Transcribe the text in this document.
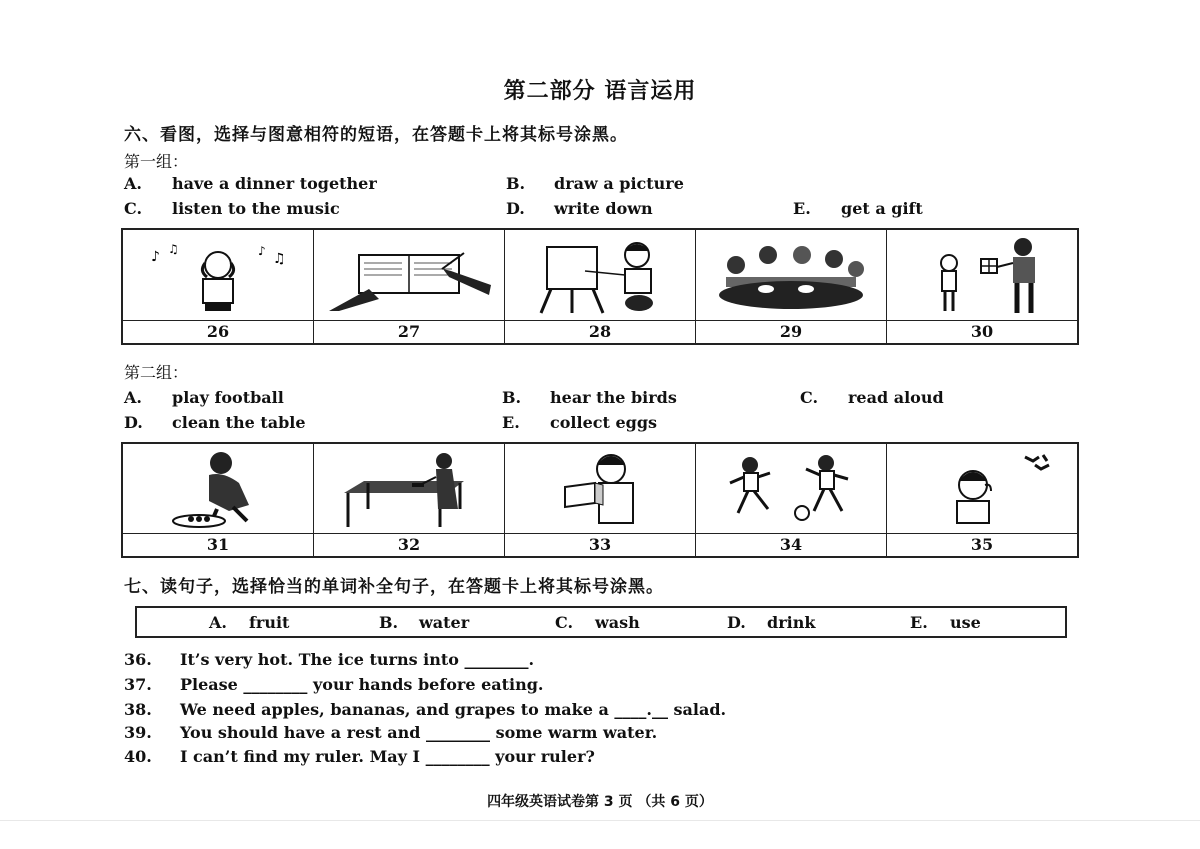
第二部分 语言运用
六、看图，选择与图意相符的短语，在答题卡上将其标号涂黑。
第一组：
A. have a dinner together	B. draw a picture
C. listen to the music	D. write down	E. get a gift
♪ ♫	♪ ♫
26	27	28	29	30
第二组：
A. play football	B. hear the birds	C. read aloud
D. clean the table	E. collect eggs
31	32	33	34	35
七、读句子，选择恰当的单词补全句子，在答题卡上将其标号涂黑。
A. fruit	B. water	C. wash	D. drink	E. use
36. It’s very hot. The ice turns into ________.
37. Please ________ your hands before eating.
38. We need apples, bananas, and grapes to make a ____.__ salad.
39. You should have a rest and ________ some warm water.
40. I can’t find my ruler. May I ________ your ruler?
四年级英语试卷第 3 页 （共 6 页）
